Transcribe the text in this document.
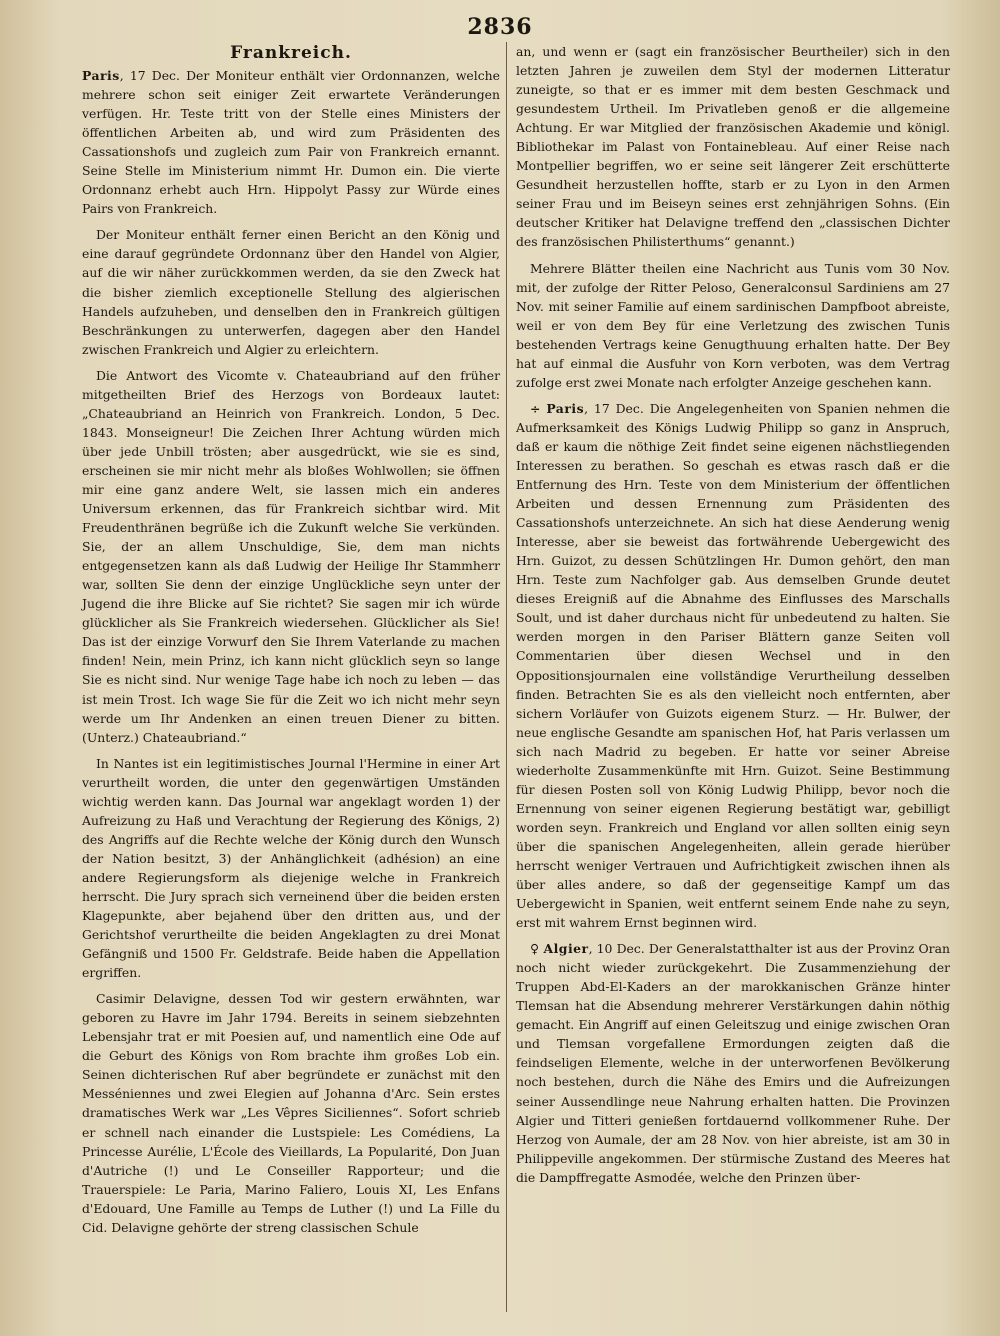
2836
Frankreich.

Paris, 17 Dec. Der Moniteur enthält vier Ordonnanzen, welche mehrere schon seit einiger Zeit erwartete Veränderungen verfügen. Hr. Teste tritt von der Stelle eines Ministers der öffentlichen Arbeiten ab, und wird zum Präsidenten des Cassationshofs und zugleich zum Pair von Frankreich ernannt. Seine Stelle im Ministerium nimmt Hr. Dumon ein. Die vierte Ordonnanz erhebt auch Hrn. Hippolyt Passy zur Würde eines Pairs von Frankreich.

Der Moniteur enthält ferner einen Bericht an den König und eine darauf gegründete Ordonnanz über den Handel von Algier, auf die wir näher zurückkommen werden, da sie den Zweck hat die bisher ziemlich exceptionelle Stellung des algierischen Handels aufzuheben, und denselben den in Frankreich gültigen Beschränkungen zu unterwerfen, dagegen aber den Handel zwischen Frankreich und Algier zu erleichtern.

Die Antwort des Vicomte v. Chateaubriand auf den früher mitgetheilten Brief des Herzogs von Bordeaux lautet: „Chateaubriand an Heinrich von Frankreich. London, 5 Dec. 1843. Monseigneur! Die Zeichen Ihrer Achtung würden mich über jede Unbill trösten; aber ausgedrückt, wie sie es sind, erscheinen sie mir nicht mehr als bloßes Wohlwollen; sie öffnen mir eine ganz andere Welt, sie lassen mich ein anderes Universum erkennen, das für Frankreich sichtbar wird. Mit Freudenthränen begrüße ich die Zukunft welche Sie verkünden. Sie, der an allem Unschuldige, Sie, dem man nichts entgegensetzen kann als daß Ludwig der Heilige Ihr Stammherr war, sollten Sie denn der einzige Unglückliche seyn unter der Jugend die ihre Blicke auf Sie richtet? Sie sagen mir ich würde glücklicher als Sie Frankreich wiedersehen. Glücklicher als Sie! Das ist der einzige Vorwurf den Sie Ihrem Vaterlande zu machen finden! Nein, mein Prinz, ich kann nicht glücklich seyn so lange Sie es nicht sind. Nur wenige Tage habe ich noch zu leben — das ist mein Trost. Ich wage Sie für die Zeit wo ich nicht mehr seyn werde um Ihr Andenken an einen treuen Diener zu bitten. (Unterz.) Chateaubriand.“

In Nantes ist ein legitimistisches Journal l'Hermine in einer Art verurtheilt worden, die unter den gegenwärtigen Umständen wichtig werden kann. Das Journal war angeklagt worden 1) der Aufreizung zu Haß und Verachtung der Regierung des Königs, 2) des Angriffs auf die Rechte welche der König durch den Wunsch der Nation besitzt, 3) der Anhänglichkeit (adhésion) an eine andere Regierungsform als diejenige welche in Frankreich herrscht. Die Jury sprach sich verneinend über die beiden ersten Klagepunkte, aber bejahend über den dritten aus, und der Gerichtshof verurtheilte die beiden Angeklagten zu drei Monat Gefängniß und 1500 Fr. Geldstrafe. Beide haben die Appellation ergriffen.

Casimir Delavigne, dessen Tod wir gestern erwähnten, war geboren zu Havre im Jahr 1794. Bereits in seinem siebzehnten Lebensjahr trat er mit Poesien auf, und namentlich eine Ode auf die Geburt des Königs von Rom brachte ihm großes Lob ein. Seinen dichterischen Ruf aber begründete er zunächst mit den Messéniennes und zwei Elegien auf Johanna d'Arc. Sein erstes dramatisches Werk war „Les Vêpres Siciliennes“. Sofort schrieb er schnell nach einander die Lustspiele: Les Comédiens, La Princesse Aurélie, L'École des Vieillards, La Popularité, Don Juan d'Autriche (!) und Le Conseiller Rapporteur; und die Trauerspiele: Le Paria, Marino Faliero, Louis XI, Les Enfans d'Edouard, Une Famille au Temps de Luther (!) und La Fille du Cid. Delavigne gehörte der streng classischen Schule

an, und wenn er (sagt ein französischer Beurtheiler) sich in den letzten Jahren je zuweilen dem Styl der modernen Litteratur zuneigte, so that er es immer mit dem besten Geschmack und gesundestem Urtheil. Im Privatleben genoß er die allgemeine Achtung. Er war Mitglied der französischen Akademie und königl. Bibliothekar im Palast von Fontainebleau. Auf einer Reise nach Montpellier begriffen, wo er seine seit längerer Zeit erschütterte Gesundheit herzustellen hoffte, starb er zu Lyon in den Armen seiner Frau und im Beiseyn seines erst zehnjährigen Sohns. (Ein deutscher Kritiker hat Delavigne treffend den „classischen Dichter des französischen Philisterthums“ genannt.)

Mehrere Blätter theilen eine Nachricht aus Tunis vom 30 Nov. mit, der zufolge der Ritter Peloso, Generalconsul Sardiniens am 27 Nov. mit seiner Familie auf einem sardinischen Dampfboot abreiste, weil er von dem Bey für eine Verletzung des zwischen Tunis bestehenden Vertrags keine Genugthuung erhalten hatte. Der Bey hat auf einmal die Ausfuhr von Korn verboten, was dem Vertrag zufolge erst zwei Monate nach erfolgter Anzeige geschehen kann.

÷ Paris, 17 Dec. Die Angelegenheiten von Spanien nehmen die Aufmerksamkeit des Königs Ludwig Philipp so ganz in Anspruch, daß er kaum die nöthige Zeit findet seine eigenen nächstliegenden Interessen zu berathen. So geschah es etwas rasch daß er die Entfernung des Hrn. Teste von dem Ministerium der öffentlichen Arbeiten und dessen Ernennung zum Präsidenten des Cassationshofs unterzeichnete. An sich hat diese Aenderung wenig Interesse, aber sie beweist das fortwährende Uebergewicht des Hrn. Guizot, zu dessen Schützlingen Hr. Dumon gehört, den man Hrn. Teste zum Nachfolger gab. Aus demselben Grunde deutet dieses Ereigniß auf die Abnahme des Einflusses des Marschalls Soult, und ist daher durchaus nicht für unbedeutend zu halten. Sie werden morgen in den Pariser Blättern ganze Seiten voll Commentarien über diesen Wechsel und in den Oppositionsjournalen eine vollständige Verurtheilung desselben finden. Betrachten Sie es als den vielleicht noch entfernten, aber sichern Vorläufer von Guizots eigenem Sturz. — Hr. Bulwer, der neue englische Gesandte am spanischen Hof, hat Paris verlassen um sich nach Madrid zu begeben. Er hatte vor seiner Abreise wiederholte Zusammenkünfte mit Hrn. Guizot. Seine Bestimmung für diesen Posten soll von König Ludwig Philipp, bevor noch die Ernennung von seiner eigenen Regierung bestätigt war, gebilligt worden seyn. Frankreich und England vor allen sollten einig seyn über die spanischen Angelegenheiten, allein gerade hierüber herrscht weniger Vertrauen und Aufrichtigkeit zwischen ihnen als über alles andere, so daß der gegenseitige Kampf um das Uebergewicht in Spanien, weit entfernt seinem Ende nahe zu seyn, erst mit wahrem Ernst beginnen wird.

♀ Algier, 10 Dec. Der Generalstatthalter ist aus der Provinz Oran noch nicht wieder zurückgekehrt. Die Zusammenziehung der Truppen Abd-El-Kaders an der marokkanischen Gränze hinter Tlemsan hat die Absendung mehrerer Verstärkungen dahin nöthig gemacht. Ein Angriff auf einen Geleitszug und einige zwischen Oran und Tlemsan vorgefallene Ermordungen zeigten daß die feindseligen Elemente, welche in der unterworfenen Bevölkerung noch bestehen, durch die Nähe des Emirs und die Aufreizungen seiner Aussendlinge neue Nahrung erhalten hatten. Die Provinzen Algier und Titteri genießen fortdauernd vollkommener Ruhe. Der Herzog von Aumale, der am 28 Nov. von hier abreiste, ist am 30 in Philippeville angekommen. Der stürmische Zustand des Meeres hat die Dampffregatte Asmodée, welche den Prinzen über-
